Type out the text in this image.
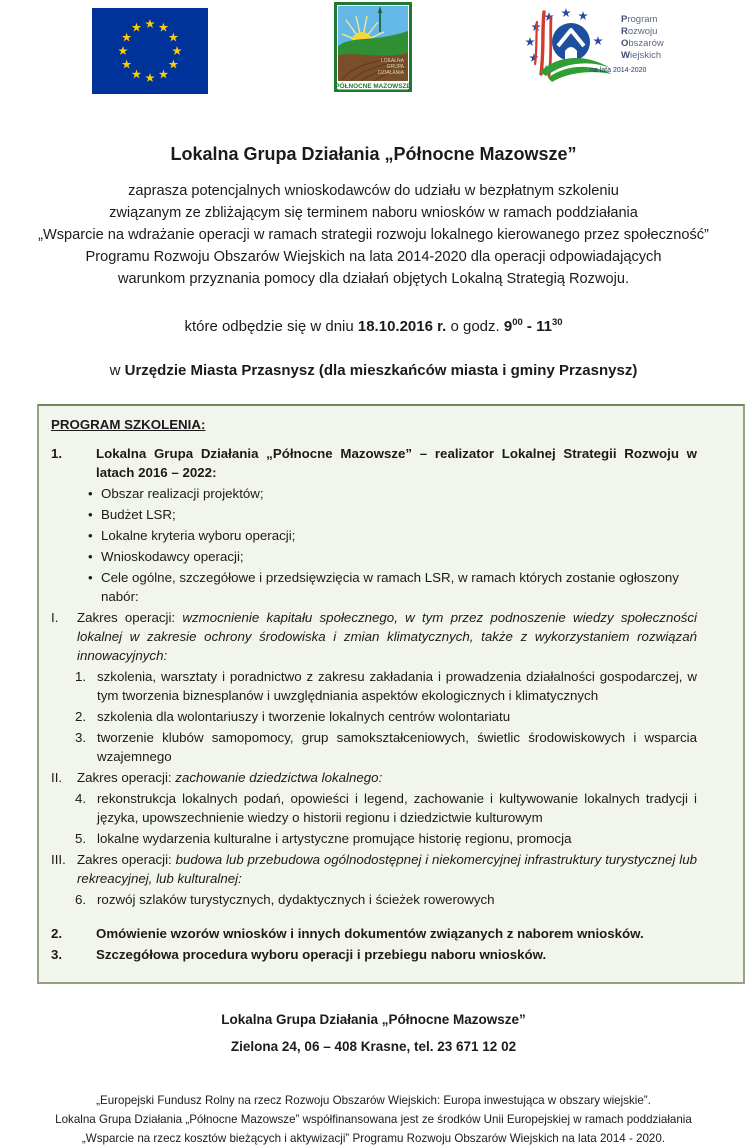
LOKALNA
GRUPA
DZIAŁANIA
PÓŁNOCNE MAZOWSZE
Program
Rozwoju
Obszarów
Wiejskich
na lata 2014-2020
Lokalna Grupa Działania „Północne Mazowsze”
zaprasza potencjalnych wnioskodawców do udziału w bezpłatnym szkoleniu
związanym ze zbliżającym się terminem naboru wniosków w ramach poddziałania
„Wsparcie na wdrażanie operacji w ramach strategii rozwoju lokalnego kierowanego przez społeczność”
Programu Rozwoju Obszarów Wiejskich na lata 2014-2020 dla operacji odpowiadających
warunkom przyznania pomocy dla działań objętych Lokalną Strategią Rozwoju.
które odbędzie się w dniu 18.10.2016 r. o godz. $9^{00} - 11^{30}$
w Urzędzie Miasta Przasnysz (dla mieszkańców miasta i gminy Przasnysz)
PROGRAM SZKOLENIA:
1.	Lokalna Grupa Działania „Północne Mazowsze” – realizator Lokalnej Strategii Rozwoju w latach 2016 – 2022:
• Obszar realizacji projektów;
• Budżet LSR;
• Lokalne kryteria wyboru operacji;
• Wnioskodawcy operacji;
• Cele ogólne, szczegółowe i przedsięwzięcia w ramach LSR, w ramach których zostanie ogłoszony nabór:
I.	Zakres operacji: wzmocnienie kapitału społecznego, w tym przez podnoszenie wiedzy społeczności lokalnej w zakresie ochrony środowiska i zmian klimatycznych, także z wykorzystaniem rozwiązań innowacyjnych:
1. szkolenia, warsztaty i poradnictwo z zakresu zakładania i prowadzenia działalności gospodarczej, w tym tworzenia biznesplanów i uwzględniania aspektów ekologicznych i klimatycznych
2. szkolenia dla wolontariuszy i tworzenie lokalnych centrów wolontariatu
3. tworzenie klubów samopomocy, grup samokształceniowych, świetlic środowiskowych i wsparcia wzajemnego
II.	Zakres operacji: zachowanie dziedzictwa lokalnego:
4. rekonstrukcja lokalnych podań, opowieści i legend, zachowanie i kultywowanie lokalnych tradycji i języka, upowszechnienie wiedzy o historii regionu i dziedzictwie kulturowym
5. lokalne wydarzenia kulturalne i artystyczne promujące historię regionu, promocja
III. Zakres operacji: budowa lub przebudowa ogólnodostępnej i niekomercyjnej infrastruktury turystycznej lub rekreacyjnej, lub kulturalnej:
6. rozwój szlaków turystycznych, dydaktycznych i ścieżek rowerowych
2.	Omówienie wzorów wniosków i innych dokumentów związanych z naborem wniosków.
3.	Szczegółowa procedura wyboru operacji i przebiegu naboru wniosków.
Lokalna Grupa Działania „Północne Mazowsze”
Zielona 24, 06 – 408 Krasne, tel. 23 671 12 02
„Europejski Fundusz Rolny na rzecz Rozwoju Obszarów Wiejskich: Europa inwestująca w obszary wiejskie”.
Lokalna Grupa Działania „Północne Mazowsze” współfinansowana jest ze środków Unii Europejskiej w ramach poddziałania
„Wsparcie na rzecz kosztów bieżących i aktywizacji” Programu Rozwoju Obszarów Wiejskich na lata 2014 - 2020.
